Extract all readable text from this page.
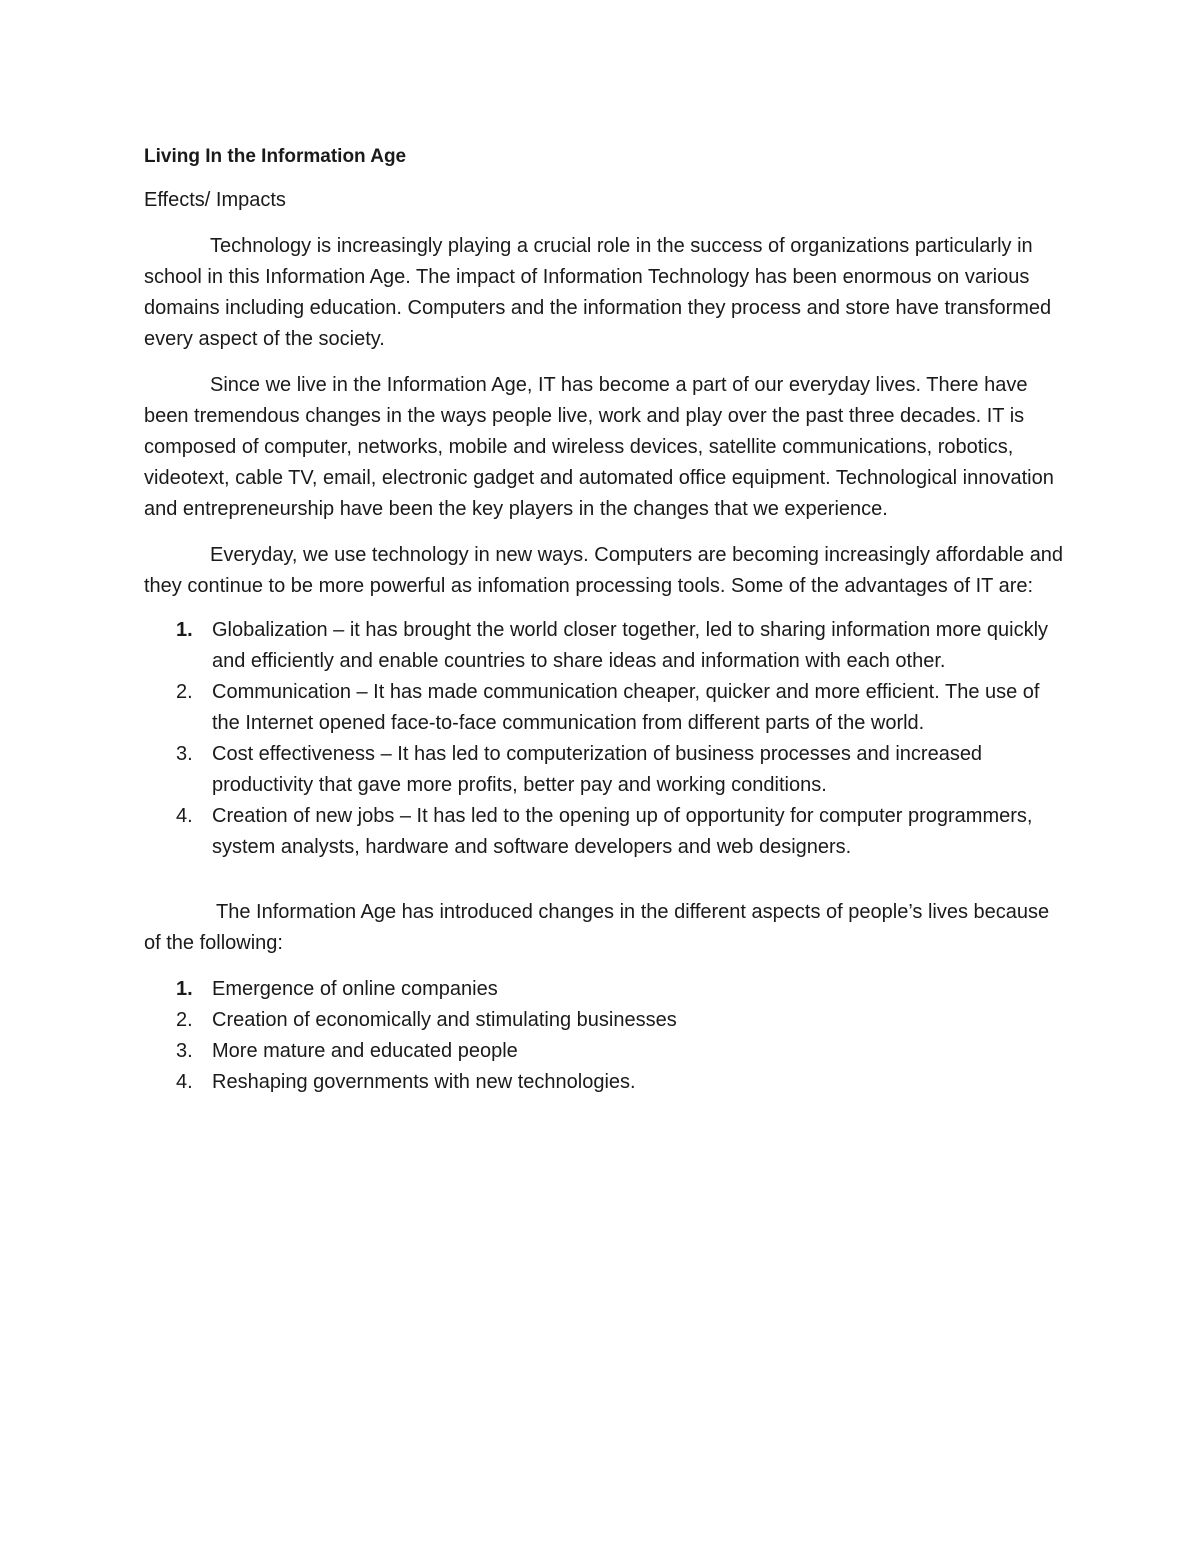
Living In the Information Age
Effects/ Impacts

Technology is increasingly playing a crucial role in the success of organizations particularly in school in this Information Age. The impact of Information Technology has been enormous on various domains including education. Computers and the information they process and store have transformed every aspect of the society.

Since we live in the Information Age, IT has become a part of our everyday lives. There have been tremendous changes in the ways people live, work and play over the past three decades. IT is composed of computer, networks, mobile and wireless devices, satellite communications, robotics, videotext, cable TV, email, electronic gadget and automated office equipment. Technological innovation and entrepreneurship have been the key players in the changes that we experience.

Everyday, we use technology in new ways. Computers are becoming increasingly affordable and they continue to be more powerful as infomation processing tools. Some of the advantages of IT are:

1. Globalization – it has brought the world closer together, led to sharing information more quickly and efficiently and enable countries to share ideas and information with each other.
2. Communication – It has made communication cheaper, quicker and more efficient. The use of the Internet opened face-to-face communication from different parts of the world.
3. Cost effectiveness – It has led to computerization of business processes and increased productivity that gave more profits, better pay and working conditions.
4. Creation of new jobs – It has led to the opening up of opportunity for computer programmers, system analysts, hardware and software developers and web designers.

The Information Age has introduced changes in the different aspects of people’s lives because of the following:

1. Emergence of online companies
2. Creation of economically and stimulating businesses
3. More mature and educated people
4. Reshaping governments with new technologies.
